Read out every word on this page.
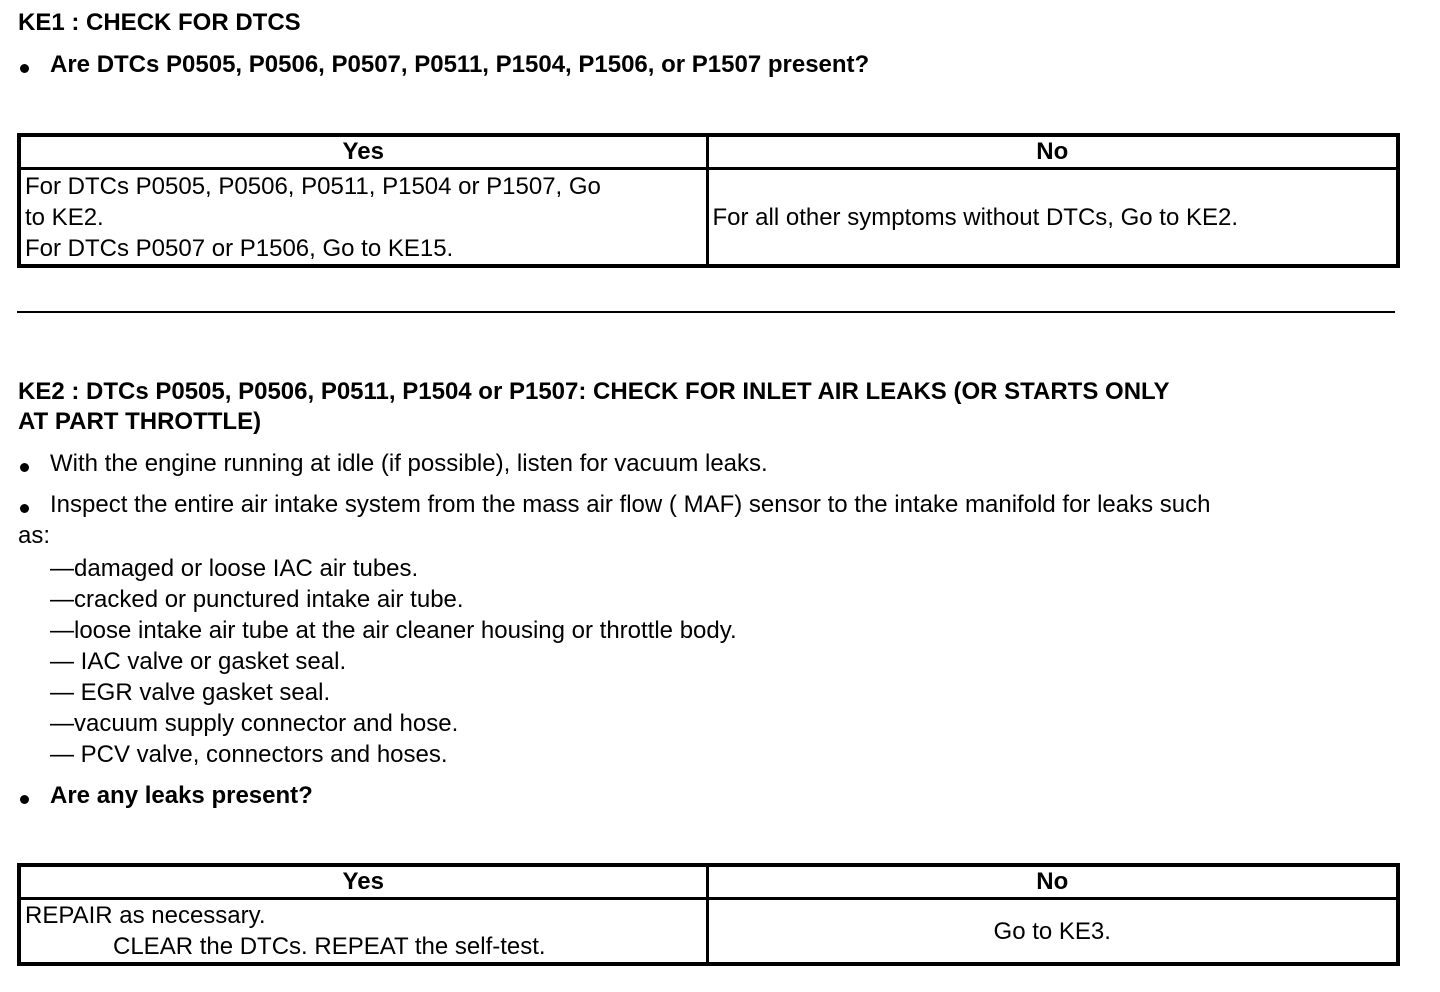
KE1 : CHECK FOR DTCS
Are DTCs P0505, P0506, P0507, P0511, P1504, P1506, or P1507 present?
Yes	No

For DTCs P0505, P0506, P0511, P1504 or P1507, Go
to KE2.
For DTCs P0507 or P1506, Go to KE15.	For all other symptoms without DTCs, Go to KE2.
KE2 : DTCs P0505, P0506, P0511, P1504 or P1507: CHECK FOR INLET AIR LEAKS (OR STARTS ONLY
AT PART THROTTLE)
With the engine running at idle (if possible), listen for vacuum leaks.
Inspect the entire air intake system from the mass air flow ( MAF) sensor to the intake manifold for leaks such
as:
—damaged or loose IAC air tubes.
—cracked or punctured intake air tube.
—loose intake air tube at the air cleaner housing or throttle body.
— IAC valve or gasket seal.
— EGR valve gasket seal.
—vacuum supply connector and hose.
— PCV valve, connectors and hoses.
Are any leaks present?
Yes	No

REPAIR as necessary.
CLEAR the DTCs. REPEAT the self-test.	Go to KE3.
